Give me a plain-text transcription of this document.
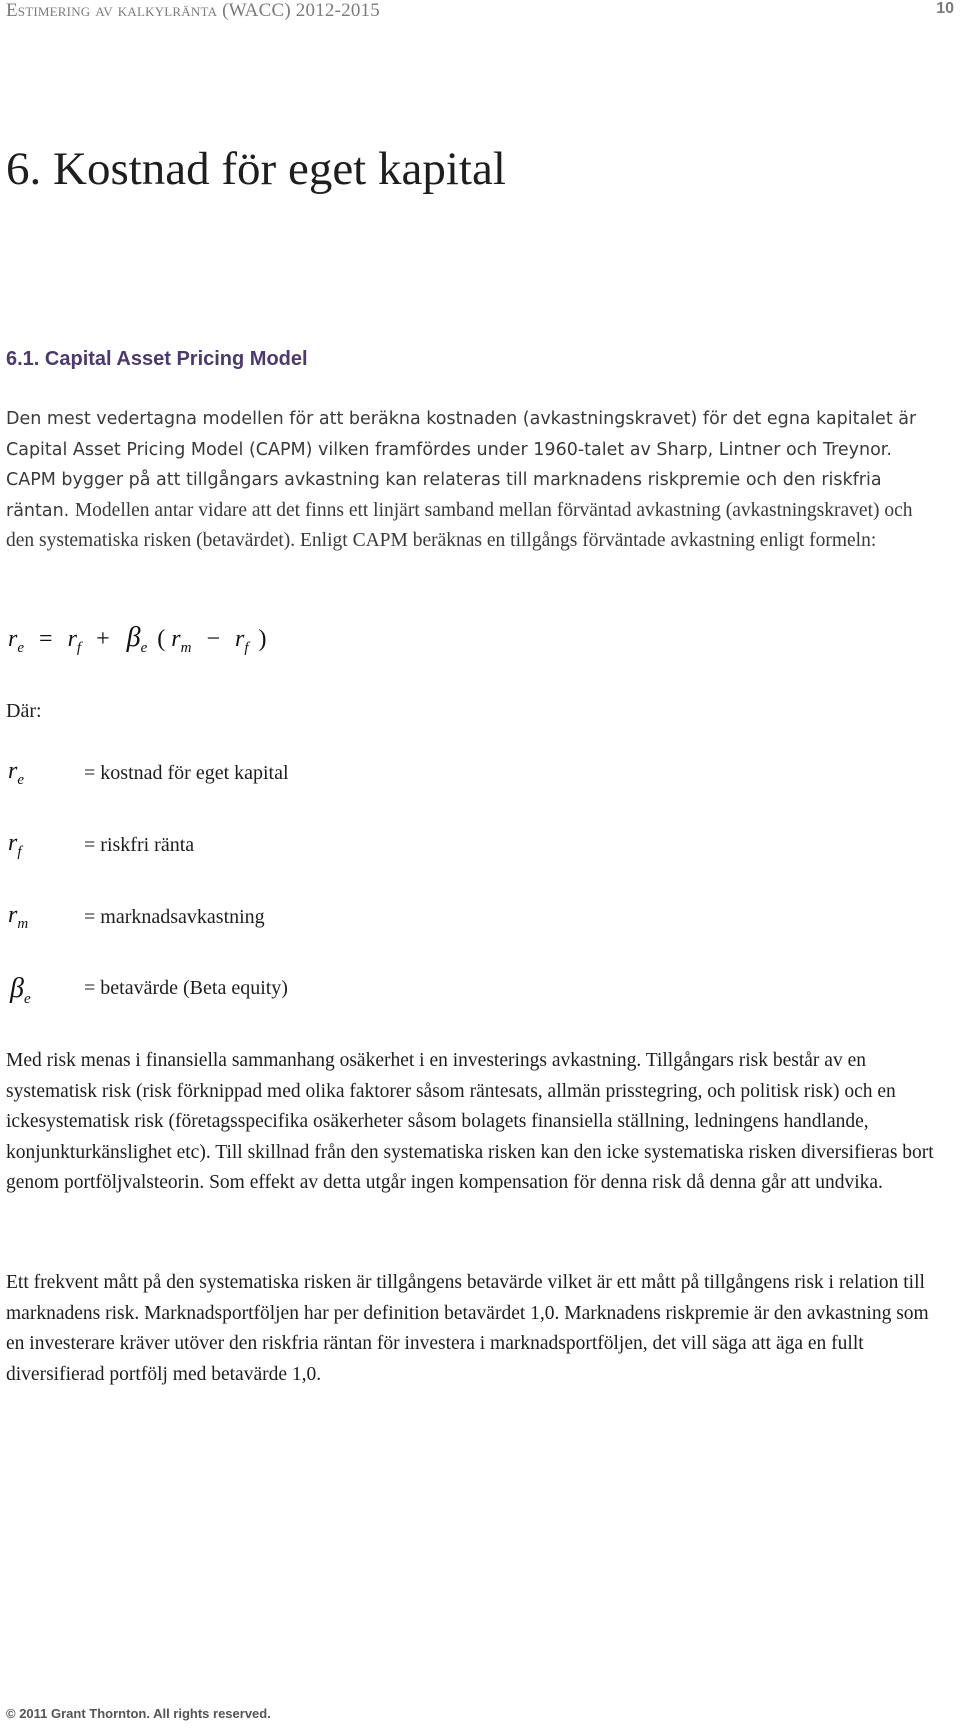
Estimering av kalkylränta (WACC) 2012-2015	10
6. Kostnad för eget kapital
6.1. Capital Asset Pricing Model

Den mest vedertagna modellen för att beräkna kostnaden (avkastningskravet) för det egna kapitalet är Capital Asset Pricing Model (CAPM) vilken framfördes under 1960-talet av Sharp, Lintner och Treynor. CAPM bygger på att tillgångars avkastning kan relateras till marknadens riskpremie och den riskfria räntan. Modellen antar vidare att det finns ett linjärt samband mellan förväntad avkastning (avkastningskravet) och den systematiska risken (betavärdet). Enligt CAPM beräknas en tillgångs förväntade avkastning enligt formeln:

re = rf + βe ( rm − rf )
Där:
$r_e$	= kostnad för eget kapital
$r_f$	= riskfri ränta
$r_m$	= marknadsavkastning
$\beta_e$	= betavärde (Beta equity)

Med risk menas i finansiella sammanhang osäkerhet i en investerings avkastning. Tillgångars risk består av en systematisk risk (risk förknippad med olika faktorer såsom räntesats, allmän prisstegring, och politisk risk) och en ickesystematisk risk (företagsspecifika osäkerheter såsom bolagets finansiella ställning, ledningens handlande, konjunkturkänslighet etc). Till skillnad från den systematiska risken kan den icke systematiska risken diversifieras bort genom portföljvalsteorin. Som effekt av detta utgår ingen kompensation för denna risk då denna går att undvika.

Ett frekvent mått på den systematiska risken är tillgångens betavärde vilket är ett mått på tillgångens risk i relation till marknadens risk. Marknadsportföljen har per definition betavärdet 1,0. Marknadens riskpremie är den avkastning som en investerare kräver utöver den riskfria räntan för investera i marknadsportföljen, det vill säga att äga en fullt diversifierad portfölj med betavärde 1,0.

© 2011 Grant Thornton. All rights reserved.
